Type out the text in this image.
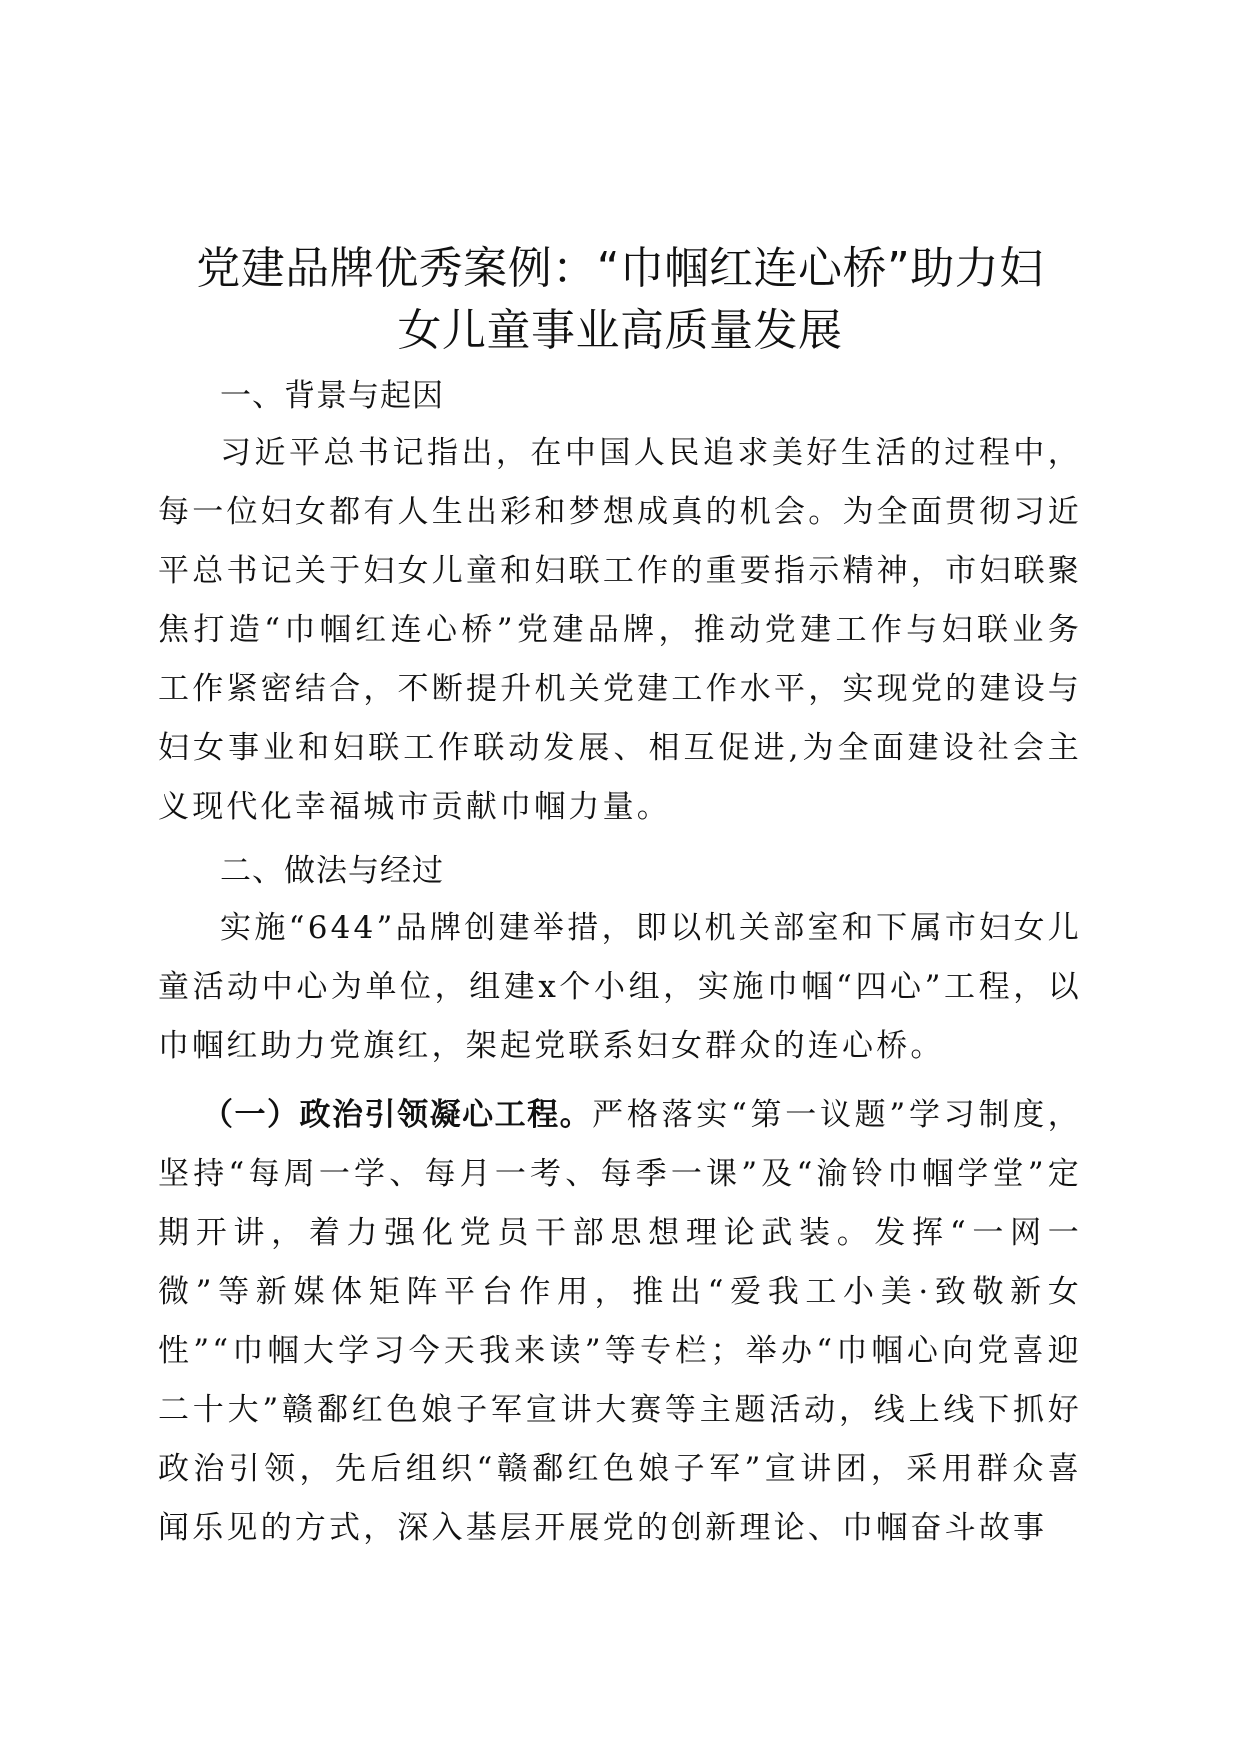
党建品牌优秀案例：“巾帼红连心桥”助力妇
女儿童事业高质量发展
一、背景与起因

习近平总书记指出，在中国人民追求美好生活的过程中，每一位妇女都有人生出彩和梦想成真的机会。为全面贯彻习近平总书记关于妇女儿童和妇联工作的重要指示精神，市妇联聚焦打造“巾帼红连心桥”党建品牌，推动党建工作与妇联业务工作紧密结合，不断提升机关党建工作水平，实现党的建设与妇女事业和妇联工作联动发展、相互促进,为全面建设社会主义现代化幸福城市贡献巾帼力量。

二、做法与经过

实施“644”品牌创建举措，即以机关部室和下属市妇女儿童活动中心为单位，组建x个小组，实施巾帼“四心”工程，以巾帼红助力党旗红，架起党联系妇女群众的连心桥。

（一）政治引领凝心工程。严格落实“第一议题”学习制度，坚持“每周一学、每月一考、每季一课”及“渝铃巾帼学堂”定期开讲，着力强化党员干部思想理论武装。发挥“一网一微”等新媒体矩阵平台作用，推出“爱我工小美·致敬新女性”“巾帼大学习今天我来读”等专栏；举办“巾帼心向党喜迎二十大”赣鄱红色娘子军宣讲大赛等主题活动，线上线下抓好政治引领，先后组织“赣鄱红色娘子军”宣讲团，采用群众喜闻乐见的方式，深入基层开展党的创新理论、巾帼奋斗故事
